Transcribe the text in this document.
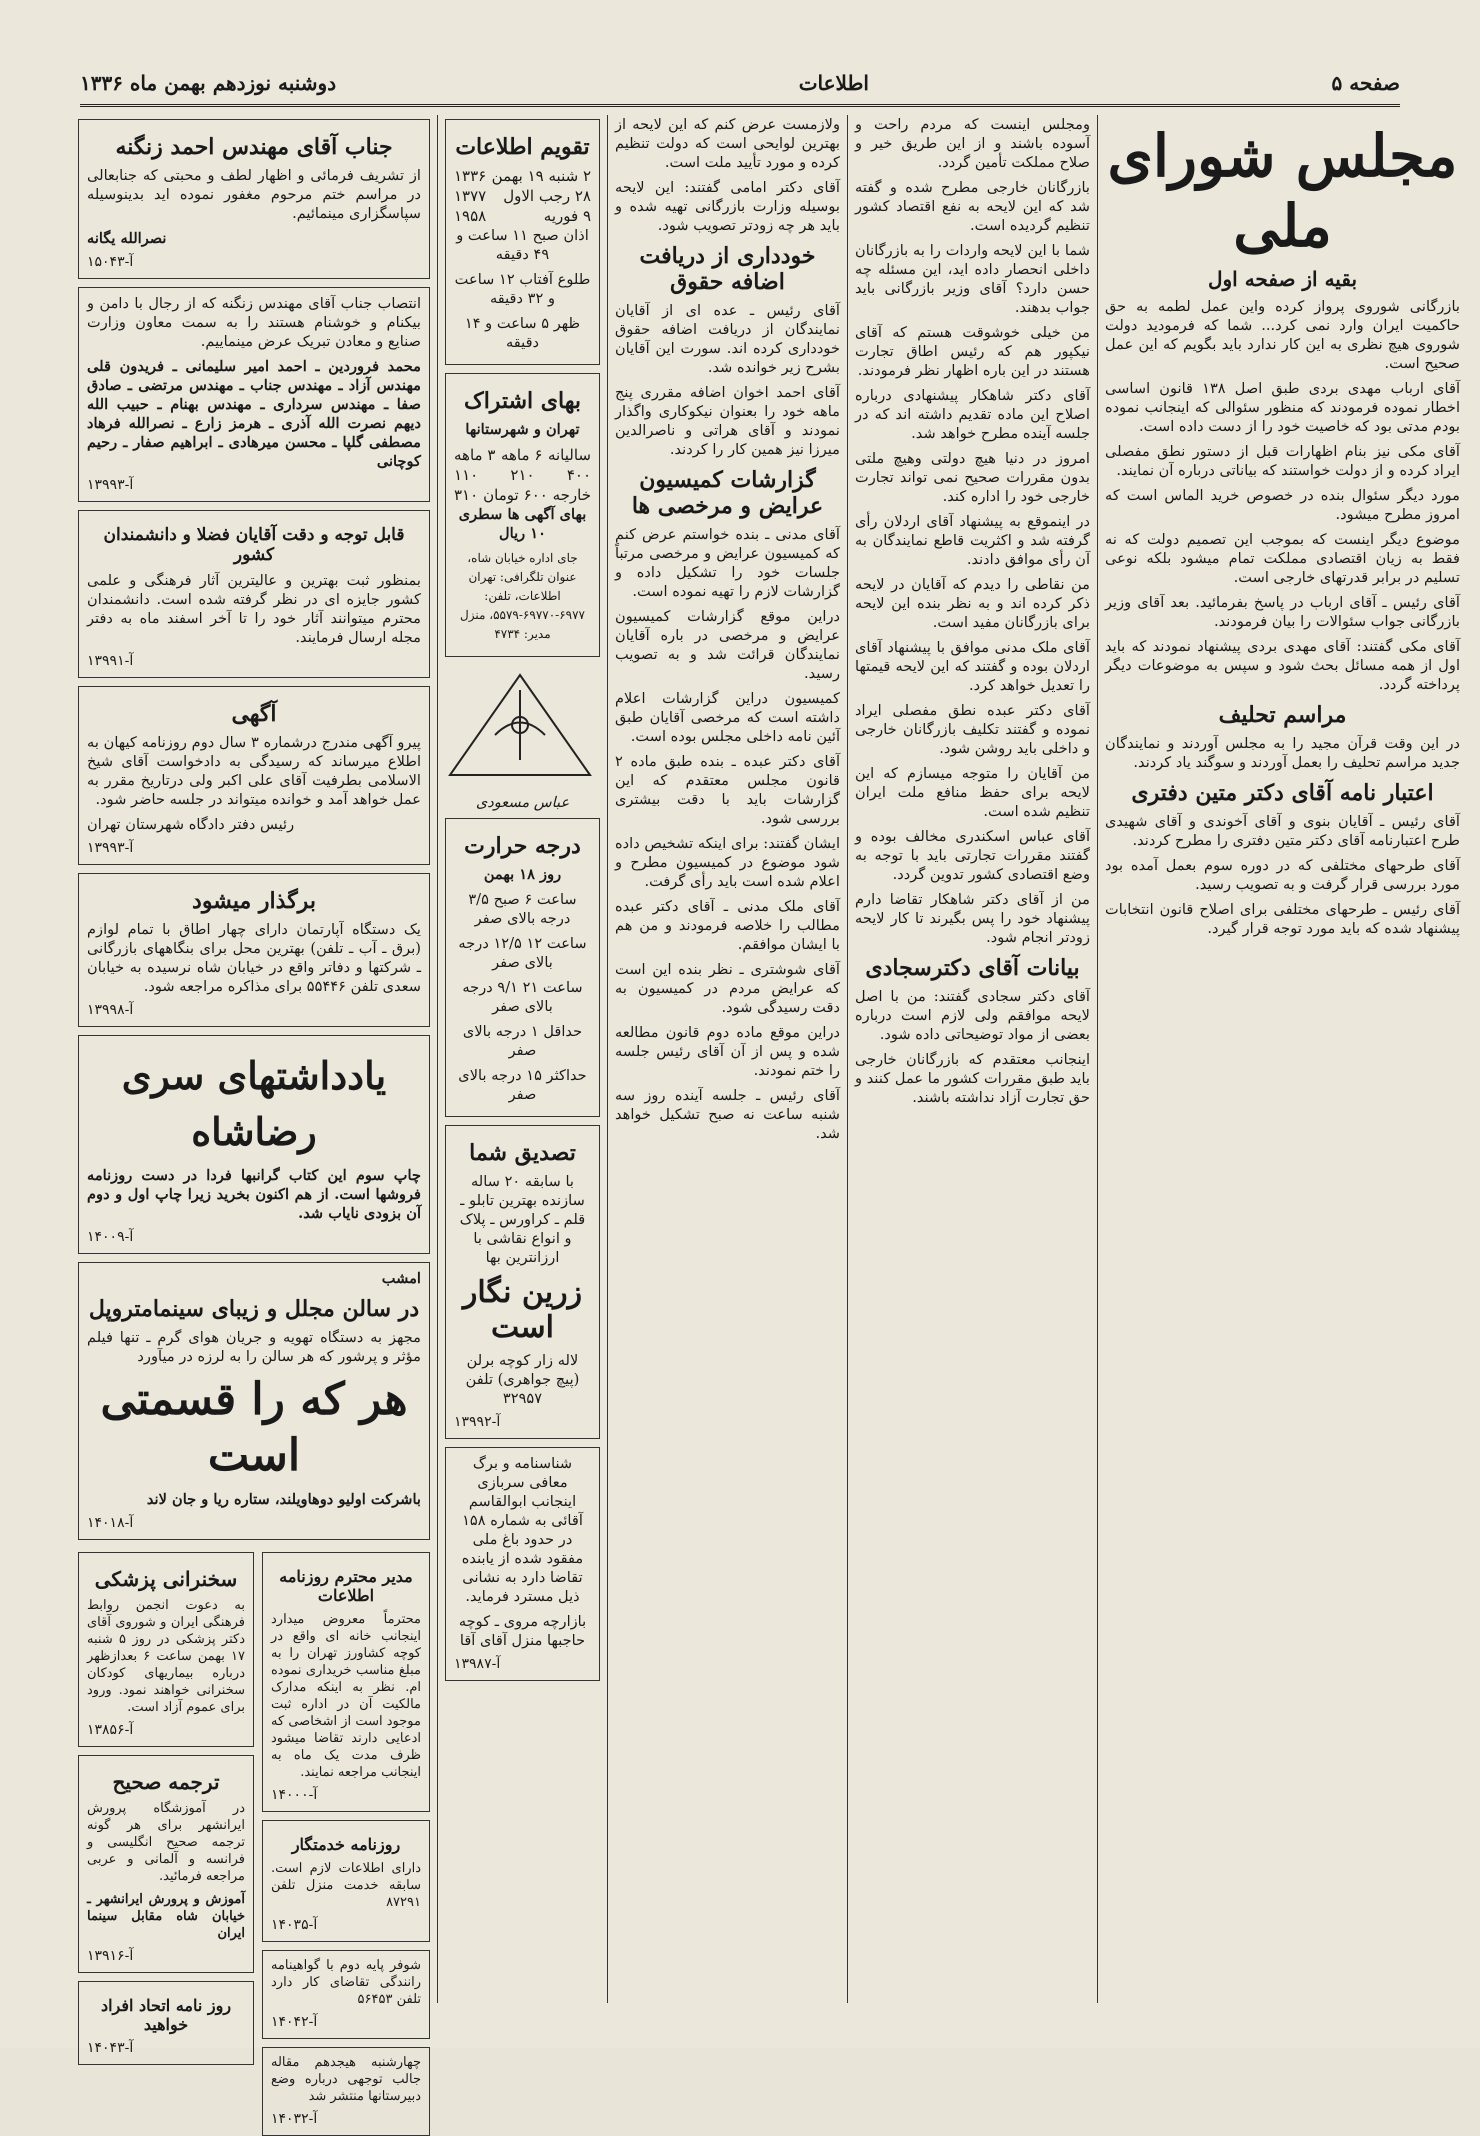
صفحه ۵
اطلاعات
دوشنبه نوزدهم بهمن ماه ۱۳۳۶
مجلس شورای ملی
بقیه از صفحه اول

بازرگانی شوروی پرواز کرده واین عمل لطمه به حق حاکمیت ایران وارد نمی کرد... شما که فرمودید دولت شوروی هیچ نظری به این کار ندارد باید بگویم که این عمل صحیح است.

آقای ارباب مهدی بردی طبق اصل ۱۳۸ قانون اساسی اخطار نموده فرمودند که منظور سئوالی که اینجانب نموده بودم مدتی بود که خاصیت خود را از دست داده است.

آقای مکی نیز بنام اظهارات قبل از دستور نطق مفصلی ایراد کرده و از دولت خواستند که بیاناتی درباره آن نمایند.

مورد دیگر سئوال بنده در خصوص خرید الماس است که امروز مطرح میشود.

موضوع دیگر اینست که بموجب این تصمیم دولت که نه فقط به زیان اقتصادی مملکت تمام میشود بلکه نوعی تسلیم در برابر قدرتهای خارجی است.

آقای رئیس ـ آقای ارباب در پاسخ بفرمائید. بعد آقای وزیر بازرگانی جواب سئوالات را بیان فرمودند.

آقای مکی گفتند: آقای مهدی بردی پیشنهاد نمودند که باید اول از همه مسائل بحث شود و سپس به موضوعات دیگر پرداخته گردد.

مراسم تحلیف

در این وقت قرآن مجید را به مجلس آوردند و نمایندگان جدید مراسم تحلیف را بعمل آوردند و سوگند یاد کردند.

اعتبار نامه آقای دکتر متین دفتری

آقای رئیس ـ آقایان بنوی و آقای آخوندی و آقای شهیدی طرح اعتبارنامه آقای دکتر متین دفتری را مطرح کردند.

آقای طرحهای مختلفی که در دوره سوم بعمل آمده بود مورد بررسی قرار گرفت و به تصویب رسید.

آقای رئیس ـ طرحهای مختلفی برای اصلاح قانون انتخابات پیشنهاد شده که باید مورد توجه قرار گیرد.

ومجلس اینست که مردم راحت و آسوده باشند و از این طریق خیر و صلاح مملکت تأمین گردد.

بازرگانان خارجی مطرح شده و گفته شد که این لایحه به نفع اقتصاد کشور تنظیم گردیده است.

شما با این لایحه واردات را به بازرگانان داخلی انحصار داده اید، این مسئله چه حسن دارد؟ آقای وزیر بازرگانی باید جواب بدهند.

من خیلی خوشوقت هستم که آقای نیکپور هم که رئیس اطاق تجارت هستند در این باره اظهار نظر فرمودند.

آقای دکتر شاهکار پیشنهادی درباره اصلاح این ماده تقدیم داشته اند که در جلسه آینده مطرح خواهد شد.

امروز در دنیا هیچ دولتی وهیچ ملتی بدون مقررات صحیح نمی تواند تجارت خارجی خود را اداره کند.

در اینموقع به پیشنهاد آقای اردلان رأی گرفته شد و اکثریت قاطع نمایندگان به آن رأی موافق دادند.

من نقاطی را دیدم که آقایان در لایحه ذکر کرده اند و به نظر بنده این لایحه برای بازرگانان مفید است.

آقای ملک مدنی موافق با پیشنهاد آقای اردلان بوده و گفتند که این لایحه قیمتها را تعدیل خواهد کرد.

آقای دکتر عبده نطق مفصلی ایراد نموده و گفتند تکلیف بازرگانان خارجی و داخلی باید روشن شود.

من آقایان را متوجه میسازم که این لایحه برای حفظ منافع ملت ایران تنظیم شده است.

آقای عباس اسکندری مخالف بوده و گفتند مقررات تجارتی باید با توجه به وضع اقتصادی کشور تدوین گردد.

من از آقای دکتر شاهکار تقاضا دارم پیشنهاد خود را پس بگیرند تا کار لایحه زودتر انجام شود.

بیانات آقای دکترسجادی

آقای دکتر سجادی گفتند: من با اصل لایحه موافقم ولی لازم است درباره بعضی از مواد توضیحاتی داده شود.

اینجانب معتقدم که بازرگانان خارجی باید طبق مقررات کشور ما عمل کنند و حق تجارت آزاد نداشته باشند.

ولازمست عرض کنم که این لایحه از بهترین لوایحی است که دولت تنظیم کرده و مورد تأیید ملت است.

آقای دکتر امامی گفتند: این لایحه بوسیله وزارت بازرگانی تهیه شده و باید هر چه زودتر تصویب شود.

خودداری از دریافت اضافه حقوق

آقای رئیس ـ عده ای از آقایان نمایندگان از دریافت اضافه حقوق خودداری کرده اند. سورت این آقایان بشرح زیر خوانده شد.

آقای احمد اخوان اضافه مقرری پنج ماهه خود را بعنوان نیکوکاری واگذار نمودند و آقای هراتی و ناصرالدین میرزا نیز همین کار را کردند.

گزارشات کمیسیون عرایض و مرخصی ها

آقای مدنی ـ بنده خواستم عرض کنم که کمیسیون عرایض و مرخصی مرتباً جلسات خود را تشکیل داده و گزارشات لازم را تهیه نموده است.

دراین موقع گزارشات کمیسیون عرایض و مرخصی در باره آقایان نمایندگان قرائت شد و به تصویب رسید.

کمیسیون دراین گزارشات اعلام داشته است که مرخصی آقایان طبق آئین نامه داخلی مجلس بوده است.

آقای دکتر عبده ـ بنده طبق ماده ۲ قانون مجلس معتقدم که این گزارشات باید با دقت بیشتری بررسی شود.

ایشان گفتند: برای اینکه تشخیص داده شود موضوع در کمیسیون مطرح و اعلام شده است باید رأی گرفت.

آقای ملک مدنی ـ آقای دکتر عبده مطالب را خلاصه فرمودند و من هم با ایشان موافقم.

آقای شوشتری ـ نظر بنده این است که عرایض مردم در کمیسیون به دقت رسیدگی شود.

دراین موقع ماده دوم قانون مطالعه شده و پس از آن آقای رئیس جلسه را ختم نمودند.

آقای رئیس ـ جلسه آینده روز سه شنبه ساعت نه صبح تشکیل خواهد شد.

تقویم اطلاعات
۲ شنبه ۱۹ بهمن
۱۳۳۶
۲۸ رجب الاول
۱۳۷۷
۹ فوریه
۱۹۵۸
اذان صبح ۱۱ ساعت و ۴۹ دقیقه
طلوع آفتاب ۱۲ ساعت و ۳۲ دقیقه
ظهر ۵ ساعت و ۱۴ دقیقه
بهای اشتراک
تهران و شهرستانها
سالیانه
۶ ماهه
۳ ماهه
۴۰۰
۲۱۰
۱۱۰
خارجه ۶۰۰
تومان
۳۱۰
بهای آگهی ها سطری ۱۰ ریال
جای اداره خیابان شاه، عنوان تلگرافی: تهران اطلاعات، تلفن: ۶۹۷۷-۶۹۷۷۰-۵۵۷۹، منزل مدیر: ۴۷۳۴
عباس مسعودی
درجه حرارت
روز ۱۸ بهمن
ساعت ۶ صبح ۳/۵ درجه بالای صفر
ساعت ۱۲ ۱۲/۵ درجه بالای صفر
ساعت ۲۱ ۹/۱ درجه بالای صفر
حداقل ۱ درجه بالای صفر
حداکثر ۱۵ درجه بالای صفر
تصدیق شما
با سابقه ۲۰ ساله سازنده بهترین تابلو ـ قلم ـ کراورس ـ پلاک و انواع نقاشی با ارزانترین بها
زرین نگار است
لاله زار کوچه برلن (پیچ جواهری) تلفن ۳۲۹۵۷
آ-۱۳۹۹۲
شناسنامه و برگ معافی سربازی اینجانب ابوالقاسم آقائی به شماره ۱۵۸ در حدود باغ ملی مفقود شده از یابنده تقاضا دارد به نشانی ذیل مسترد فرماید.
بازارچه مروی ـ کوچه حاجبها منزل آقای آقا
آ-۱۳۹۸۷
جناب آقای مهندس احمد زنگنه
از تشریف فرمائی و اظهار لطف و محبتی که جنابعالی در مراسم ختم مرحوم مغفور نموده اید بدینوسیله سپاسگزاری مینمائیم.
نصرالله یگانه
آ-۱۵۰۴۳
انتصاب جناب آقای مهندس زنگنه که از رجال با دامن و بیکنام و خوشنام هستند را به سمت معاون وزارت صنایع و معادن تبریک عرض مینماییم.
محمد فروردین ـ احمد امیر سلیمانی ـ فریدون قلی مهندس آزاد ـ مهندس جناب ـ مهندس مرتضی ـ صادق صفا ـ مهندس سرداری ـ مهندس بهنام ـ حبیب الله دیهم نصرت الله آذری ـ هرمز زارع ـ نصرالله فرهاد مصطفی گلپا ـ محسن میرهادی ـ ابراهیم صفار ـ رحیم کوچانی
آ-۱۳۹۹۳
قابل توجه و دقت آقایان فضلا و دانشمندان کشور
بمنظور ثبت بهترین و عالیترین آثار فرهنگی و علمی کشور جایزه ای در نظر گرفته شده است. دانشمندان محترم میتوانند آثار خود را تا آخر اسفند ماه به دفتر مجله ارسال فرمایند.
آ-۱۳۹۹۱
آگهی
پیرو آگهی مندرج درشماره ۳ سال دوم روزنامه کیهان به اطلاع میرساند که رسیدگی به دادخواست آقای شیخ الاسلامی بطرفیت آقای علی اکبر ولی درتاریخ مقرر به عمل خواهد آمد و خوانده میتواند در جلسه حاضر شود.
رئیس دفتر دادگاه شهرستان تهران
آ-۱۳۹۹۳
برگذار میشود
یک دستگاه آپارتمان دارای چهار اطاق با تمام لوازم (برق ـ آب ـ تلفن) بهترین محل برای بنگاههای بازرگانی ـ شرکتها و دفاتر واقع در خیابان شاه نرسیده به خیابان سعدی تلفن ۵۵۴۴۶ برای مذاکره مراجعه شود.
آ-۱۳۹۹۸
یادداشتهای سری رضاشاه
چاپ سوم این کتاب گرانبها فردا در دست روزنامه فروشها است. از هم اکنون بخرید زیرا چاپ اول و دوم آن بزودی نایاب شد.
آ-۱۴۰۰۹
امشب
در سالن مجلل و زیبای سینمامتروپل
مجهز به دستگاه تهویه و جریان هوای گرم ـ تنها فیلم مؤثر و پرشور که هر سالن را به لرزه در میآورد
هر که را قسمتی است
باشرکت اولیو دوهاویلند، ستاره ریا و جان لاند
آ-۱۴۰۱۸
مدیر محترم روزنامه اطلاعات
محترماً معروض میدارد اینجانب خانه ای واقع در کوچه کشاورز تهران را به مبلغ مناسب خریداری نموده ام. نظر به اینکه مدارک مالکیت آن در اداره ثبت موجود است از اشخاصی که ادعایی دارند تقاضا میشود ظرف مدت یک ماه به اینجانب مراجعه نمایند.
آ-۱۴۰۰۰
روزنامه خدمتگار
دارای اطلاعات لازم است. سابقه خدمت منزل تلفن ۸۷۲۹۱
آ-۱۴۰۳۵
شوفر پایه دوم با گواهینامه رانندگی تقاضای کار دارد تلفن ۵۶۴۵۳
آ-۱۴۰۴۲
چهارشنبه هیجدهم مقاله جالب توجهی درباره وضع دبیرستانها منتشر شد
آ-۱۴۰۳۲
سخنرانی پزشکی
به دعوت انجمن روابط فرهنگی ایران و شوروی آقای دکتر پزشکی در روز ۵ شنبه ۱۷ بهمن ساعت ۶ بعدازظهر درباره بیماریهای کودکان سخنرانی خواهند نمود. ورود برای عموم آزاد است.
آ-۱۳۸۵۶
ترجمه صحیح
در آموزشگاه پرورش ایرانشهر برای هر گونه ترجمه صحیح انگلیسی و فرانسه و آلمانی و عربی مراجعه فرمائید.
آموزش و پرورش ایرانشهر ـ خیابان شاه مقابل سینما ایران
آ-۱۳۹۱۶
روز نامه اتحاد افراد خواهید
آ-۱۴۰۴۳
